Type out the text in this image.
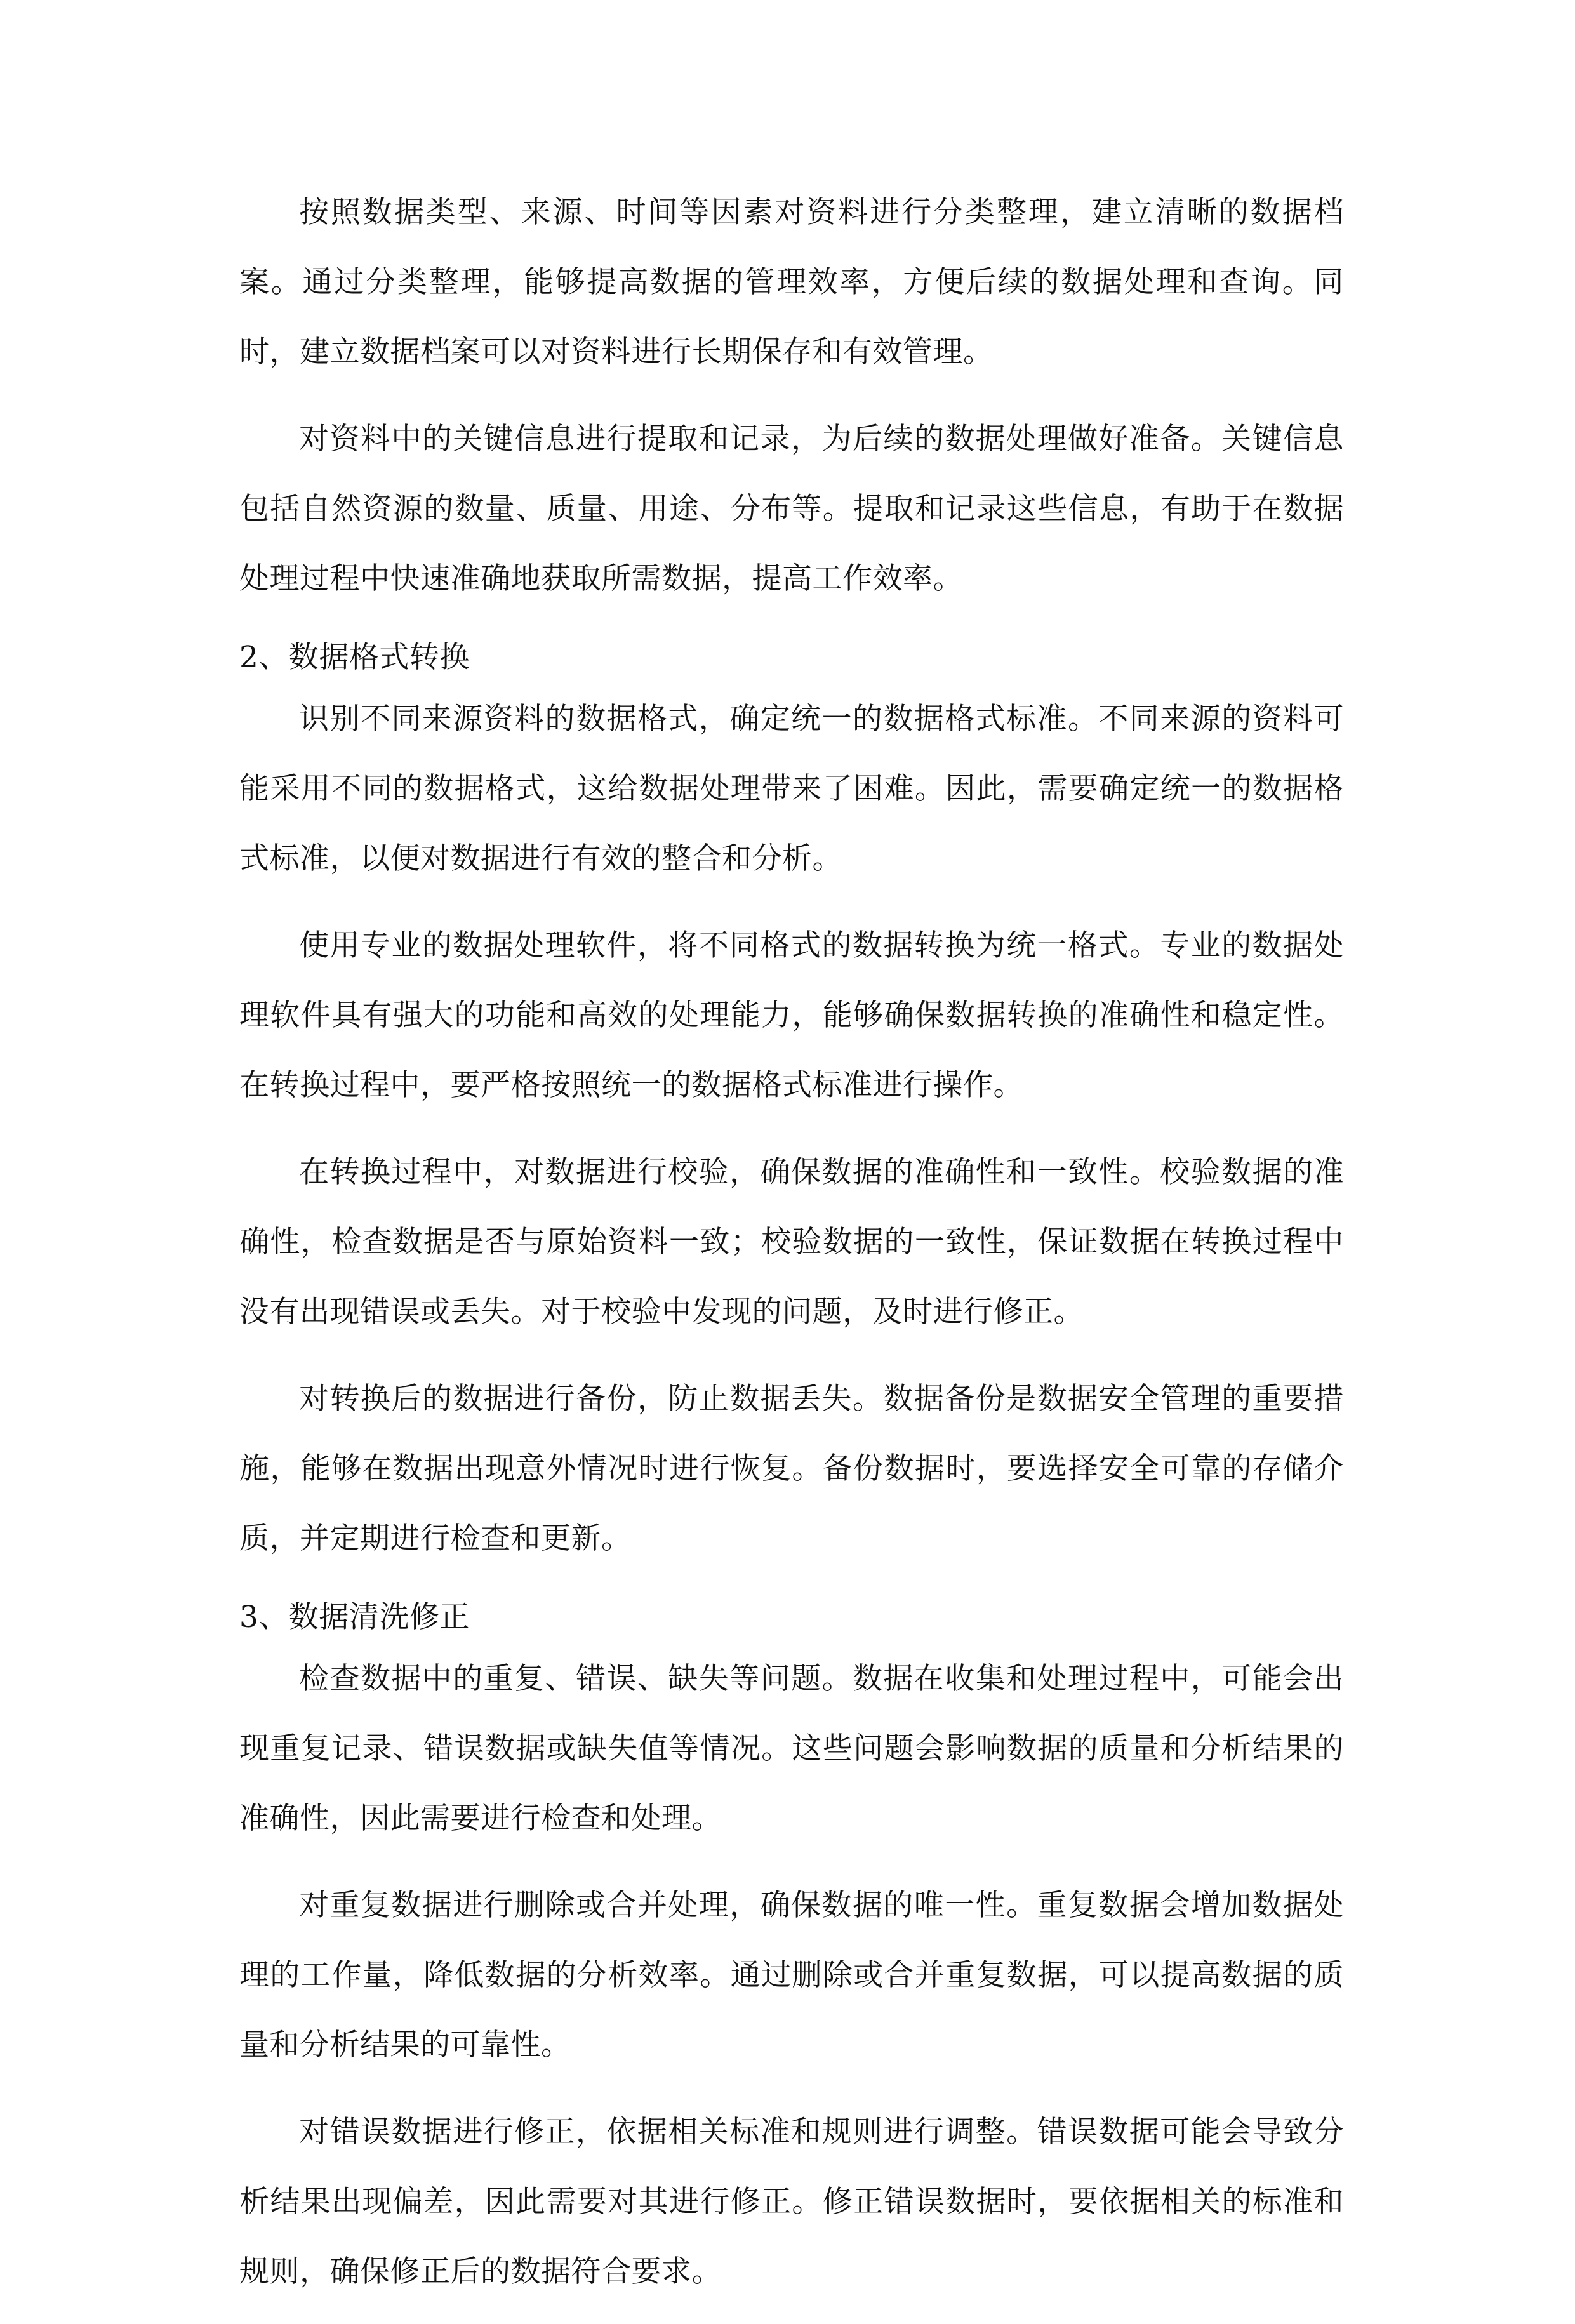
按照数据类型、来源、时间等因素对资料进行分类整理，建立清晰的数据档案。通过分类整理，能够提高数据的管理效率，方便后续的数据处理和查询。同时，建立数据档案可以对资料进行长期保存和有效管理。

对资料中的关键信息进行提取和记录，为后续的数据处理做好准备。关键信息包括自然资源的数量、质量、用途、分布等。提取和记录这些信息，有助于在数据处理过程中快速准确地获取所需数据，提高工作效率。

2、数据格式转换

识别不同来源资料的数据格式，确定统一的数据格式标准。不同来源的资料可能采用不同的数据格式，这给数据处理带来了困难。因此，需要确定统一的数据格式标准，以便对数据进行有效的整合和分析。

使用专业的数据处理软件，将不同格式的数据转换为统一格式。专业的数据处理软件具有强大的功能和高效的处理能力，能够确保数据转换的准确性和稳定性。在转换过程中，要严格按照统一的数据格式标准进行操作。

在转换过程中，对数据进行校验，确保数据的准确性和一致性。校验数据的准确性，检查数据是否与原始资料一致；校验数据的一致性，保证数据在转换过程中没有出现错误或丢失。对于校验中发现的问题，及时进行修正。

对转换后的数据进行备份，防止数据丢失。数据备份是数据安全管理的重要措施，能够在数据出现意外情况时进行恢复。备份数据时，要选择安全可靠的存储介质，并定期进行检查和更新。

3、数据清洗修正

检查数据中的重复、错误、缺失等问题。数据在收集和处理过程中，可能会出现重复记录、错误数据或缺失值等情况。这些问题会影响数据的质量和分析结果的准确性，因此需要进行检查和处理。

对重复数据进行删除或合并处理，确保数据的唯一性。重复数据会增加数据处理的工作量，降低数据的分析效率。通过删除或合并重复数据，可以提高数据的质量和分析结果的可靠性。

对错误数据进行修正，依据相关标准和规则进行调整。错误数据可能会导致分析结果出现偏差，因此需要对其进行修正。修正错误数据时，要依据相关的标准和规则，确保修正后的数据符合要求。
